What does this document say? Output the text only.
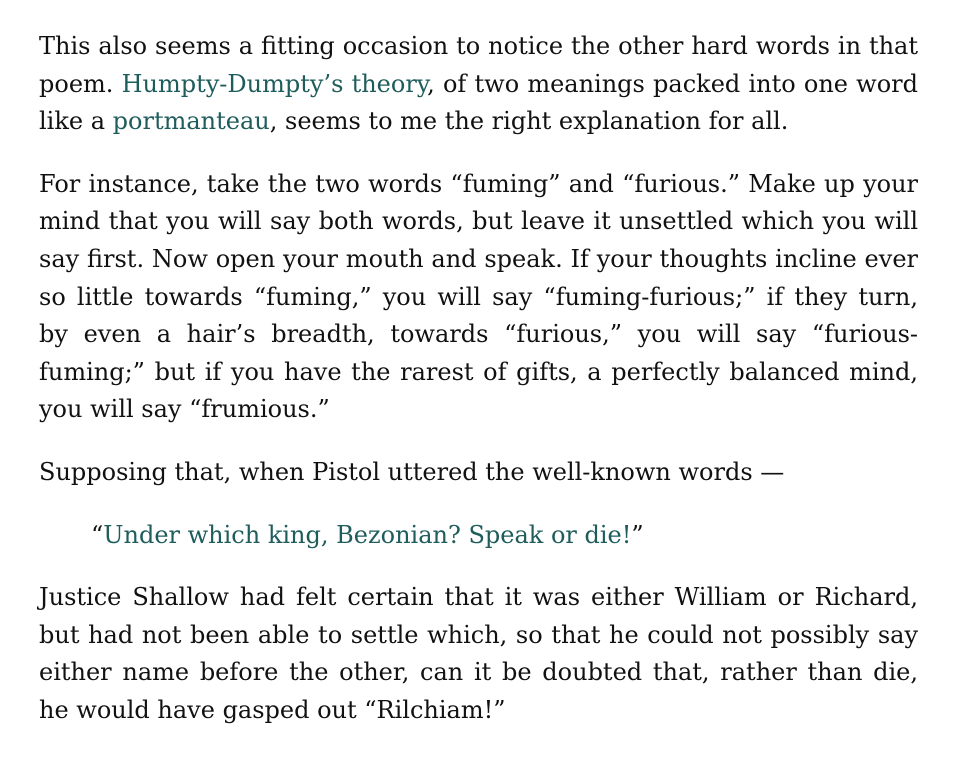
This also seems a fitting occasion to notice the other hard words in that poem. Humpty-Dumpty’s theory, of two meanings packed into one word like a portmanteau, seems to me the right explanation for all.

For instance, take the two words “fuming” and “furious.” Make up your mind that you will say both words, but leave it unsettled which you will say first. Now open your mouth and speak. If your thoughts incline ever so little towards “fuming,” you will say “fuming-furious;” if they turn, by even a hair’s breadth, towards “furious,” you will say “furious-fuming;” but if you have the rarest of gifts, a perfectly balanced mind, you will say “frumious.”

Supposing that, when Pistol uttered the well-known words —

“Under which king, Bezonian? Speak or die!”

Justice Shallow had felt certain that it was either William or Richard, but had not been able to settle which, so that he could not possibly say either name before the other, can it be doubted that, rather than die, he would have gasped out “Rilchiam!”
